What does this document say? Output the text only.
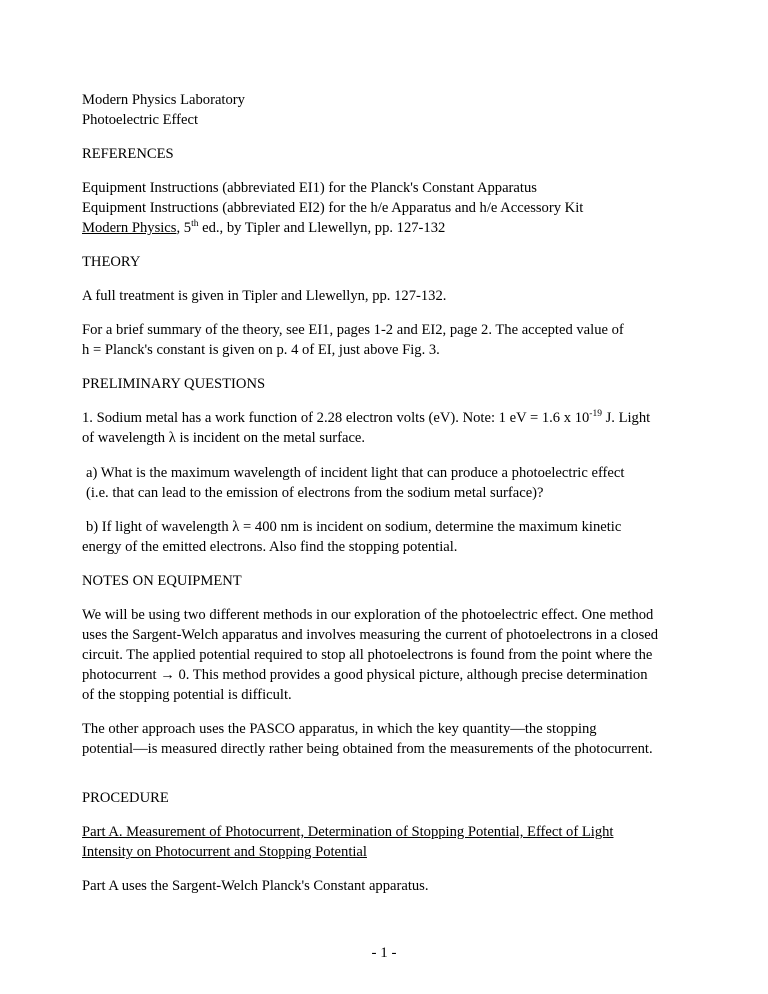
Modern Physics Laboratory
Photoelectric Effect
REFERENCES
Equipment Instructions (abbreviated EI1) for the Planck's Constant Apparatus
Equipment Instructions (abbreviated EI2) for the h/e Apparatus and h/e Accessory Kit
Modern Physics, 5th ed., by Tipler and Llewellyn, pp. 127-132
THEORY
A full treatment is given in Tipler and Llewellyn, pp. 127-132.
For a brief summary of the theory, see EI1, pages 1-2 and EI2, page 2. The accepted value of
h = Planck's constant is given on p. 4 of EI, just above Fig. 3.
PRELIMINARY QUESTIONS
1. Sodium metal has a work function of 2.28 electron volts (eV). Note: 1 eV = 1.6 x $10^{-19}$ J. Light
of wavelength λ is incident on the metal surface.
a) What is the maximum wavelength of incident light that can produce a photoelectric effect
(i.e. that can lead to the emission of electrons from the sodium metal surface)?
b) If light of wavelength λ = 400 nm is incident on sodium, determine the maximum kinetic
energy of the emitted electrons. Also find the stopping potential.
NOTES ON EQUIPMENT
We will be using two different methods in our exploration of the photoelectric effect. One method
uses the Sargent-Welch apparatus and involves measuring the current of photoelectrons in a closed
circuit. The applied potential required to stop all photoelectrons is found from the point where the
photocurrent → 0. This method provides a good physical picture, although precise determination
of the stopping potential is difficult.
The other approach uses the PASCO apparatus, in which the key quantity—the stopping
potential—is measured directly rather being obtained from the measurements of the photocurrent.
PROCEDURE
Part A. Measurement of Photocurrent, Determination of Stopping Potential, Effect of Light
Intensity on Photocurrent and Stopping Potential
Part A uses the Sargent-Welch Planck's Constant apparatus.
- 1 -
